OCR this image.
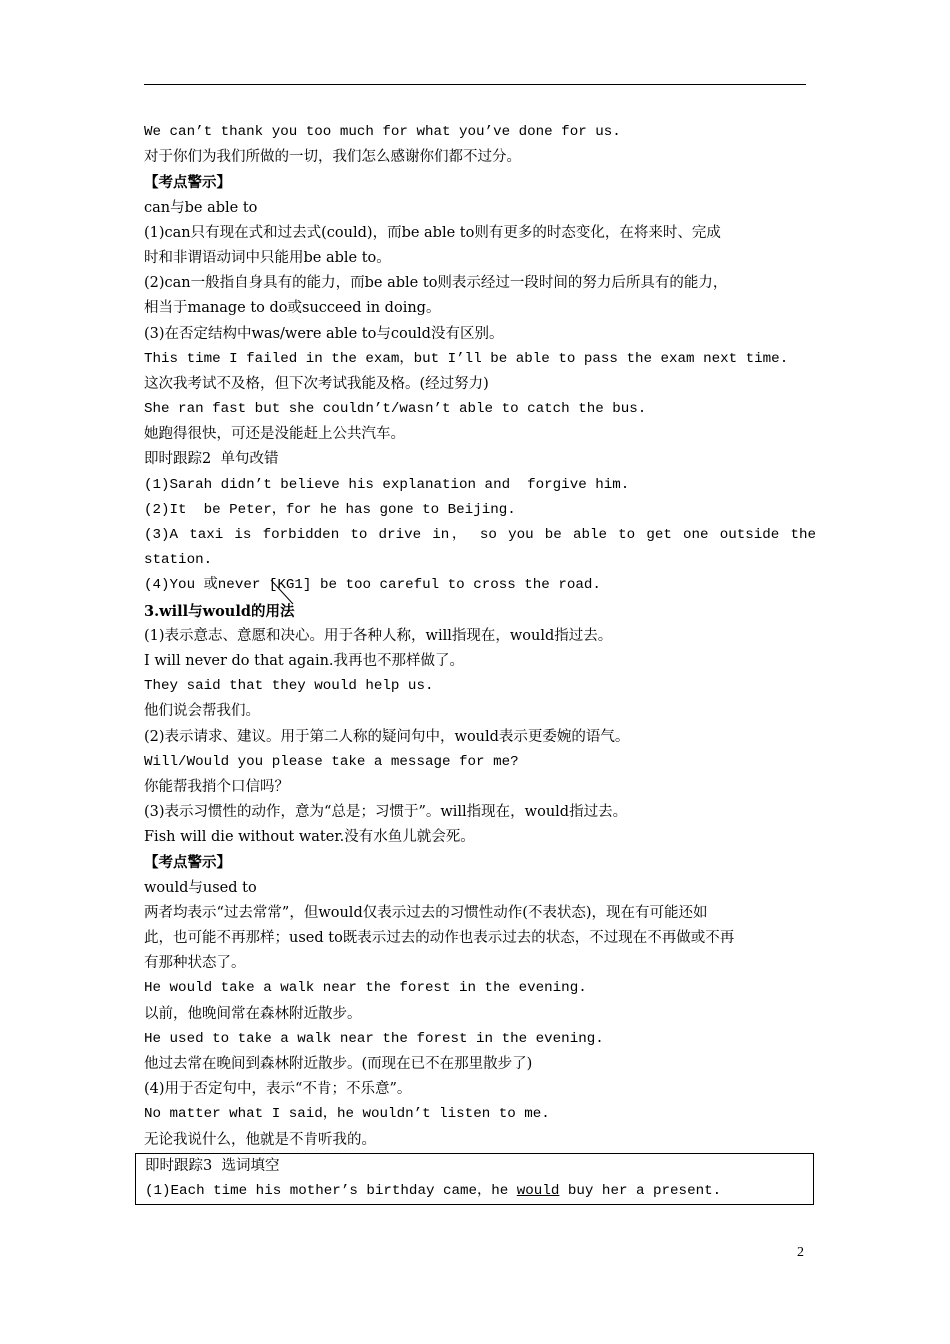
We can’t thank you too much for what you’ve done for us.
对于你们为我们所做的一切，我们怎么感谢你们都不过分。
【考点警示】
can与be able to
(1)can只有现在式和过去式(could)，而be able to则有更多的时态变化，在将来时、完成
时和非谓语动词中只能用be able to。
(2)can一般指自身具有的能力，而be able to则表示经过一段时间的努力后所具有的能力，
相当于manage to do或succeed in doing。
(3)在否定结构中was/were able to与could没有区别。
This time I failed in the exam，but I’ll be able to pass the exam next time.
这次我考试不及格，但下次考试我能及格。(经过努力)
She ran fast but she couldn’t/wasn’t able to catch the bus.
她跑得很快，可还是没能赶上公共汽车。
即时跟踪2  单句改错
(1)Sarah didn’t believe his explanation and  forgive him.
(2)It  be Peter，for he has gone to Beijing.
(3)A taxi is forbidden to drive in， so you be able to get one outside the
station.
(4)You 或never [KG1] be too careful to cross the road.
3.will与would的用法
(1)表示意志、意愿和决心。用于各种人称，will指现在，would指过去。
I will never do that again.我再也不那样做了。
They said that they would help us.
他们说会帮我们。
(2)表示请求、建议。用于第二人称的疑问句中，would表示更委婉的语气。
Will/Would you please take a message for me?
你能帮我捎个口信吗？
(3)表示习惯性的动作，意为“总是；习惯于”。will指现在，would指过去。
Fish will die without water.没有水鱼儿就会死。
【考点警示】
would与used to
两者均表示“过去常常”，但would仅表示过去的习惯性动作(不表状态)，现在有可能还如
此，也可能不再那样；used to既表示过去的动作也表示过去的状态，不过现在不再做或不再
有那种状态了。
He would take a walk near the forest in the evening.
以前，他晚间常在森林附近散步。
He used to take a walk near the forest in the evening.
他过去常在晚间到森林附近散步。(而现在已不在那里散步了)
(4)用于否定句中，表示“不肯；不乐意”。
No matter what I said，he wouldn’t listen to me.
无论我说什么，他就是不肯听我的。
即时跟踪3  选词填空
(1)Each time his mother’s birthday came，he would buy her a present.
2
